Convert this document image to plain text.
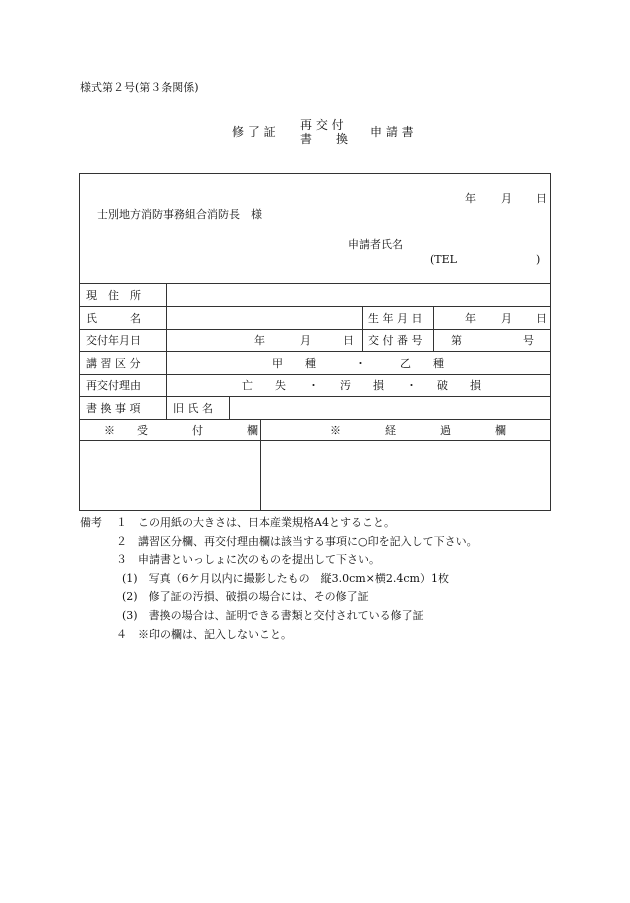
様式第２号(第３条関係)
修 了 証 再 交 付
書　　換 申 請 書
年 月 日
士別地方消防事務組合消防長　様
申請者氏名
(TEL	)
現　住　所
氏　　　名	生 年 月 日	年 月 日
交付年月日	年	月	日 交 付 番 号	第	号
講 習 区 分	甲　　種	・	乙　　種
再交付理由	亡　　失 ・ 汚　　損 ・ 破　　損
書 換 事 項	旧 氏 名
※　　受　　　　付　　　　欄	※　　　　経　　　　過　　　　欄
備考 １ この用紙の大きさは、日本産業規格A4とすること。
２ 講習区分欄、再交付理由欄は該当する事項に○印を記入して下さい。
３ 申請書といっしょに次のものを提出して下さい。
(1)　写真（6ケ月以内に撮影したもの　縦3.0cm×横2.4cm）1枚
(2)　修了証の汚損、破損の場合には、その修了証
(3)　書換の場合は、証明できる書類と交付されている修了証
４ ※印の欄は、記入しないこと。
